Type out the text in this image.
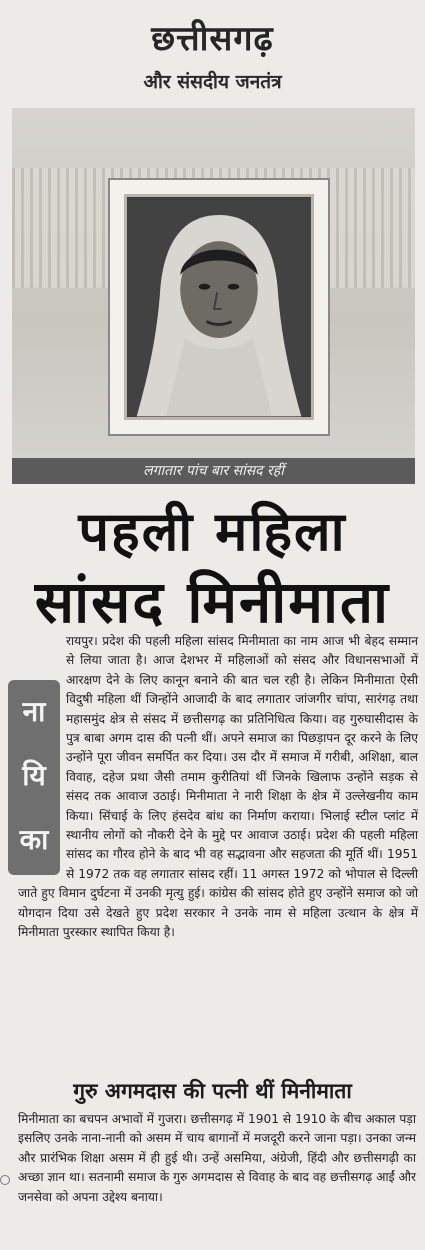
छत्तीसगढ़
और संसदीय जनतंत्र
लगातार पांच बार सांसद रहीं
पहली महिला
सांसद मिनीमाता
ना
यि
का

रायपुर। प्रदेश की पहली महिला सांसद मिनीमाता का नाम आज भी बेहद सम्मान से लिया जाता है। आज देशभर में महिलाओं को संसद और विधानसभाओं में आरक्षण देने के लिए कानून बनाने की बात चल रही है। लेकिन मिनीमाता ऐसी विदुषी महिला थीं जिन्होंने आजादी के बाद लगातार जांजगीर चांपा, सारंगढ़ तथा महासमुंद क्षेत्र से संसद में छत्तीसगढ़ का प्रतिनिधित्व किया। वह गुरुघासीदास के पुत्र बाबा अगम दास की पत्नी थीं। अपने समाज का पिछड़ापन दूर करने के लिए उन्होंने पूरा जीवन समर्पित कर दिया। उस दौर में समाज में गरीबी, अशिक्षा, बाल विवाह, दहेज प्रथा जैसी तमाम कुरीतियां थीं जिनके खिलाफ उन्होंने सड़क से संसद तक आवाज उठाई। मिनीमाता ने नारी शिक्षा के क्षेत्र में उल्लेखनीय काम किया। सिंचाई के लिए हंसदेव बांध का निर्माण कराया। भिलाई स्टील प्लांट में स्थानीय लोगों को नौकरी देने के मुद्दे पर आवाज उठाई। प्रदेश की पहली महिला सांसद का गौरव होने के बाद भी वह सद्भावना और सहजता की मूर्ति थीं। 1951 से 1972 तक वह लगातार सांसद रहीं। 11 अगस्त 1972 को भोपाल से दिल्ली जाते हुए विमान दुर्घटना में उनकी मृत्यु हुई। कांग्रेस की सांसद होते हुए उन्होंने समाज को जो योगदान दिया उसे देखते हुए प्रदेश सरकार ने उनके नाम से महिला उत्थान के क्षेत्र में मिनीमाता पुरस्कार स्थापित किया है।

गुरु अगमदास की पत्नी थीं मिनीमाता
मिनीमाता का बचपन अभावों में गुजरा। छत्तीसगढ़ में 1901 से 1910 के बीच अकाल पड़ा इसलिए उनके नाना-नानी को असम में चाय बागानों में मजदूरी करने जाना पड़ा। उनका जन्म और प्रारंभिक शिक्षा असम में ही हुई थी। उन्हें असमिया, अंग्रेजी, हिंदी और छत्तीसगढ़ी का अच्छा ज्ञान था। सतनामी समाज के गुरु अगमदास से विवाह के बाद वह छत्तीसगढ़ आईं और जनसेवा को अपना उद्देश्य बनाया।
